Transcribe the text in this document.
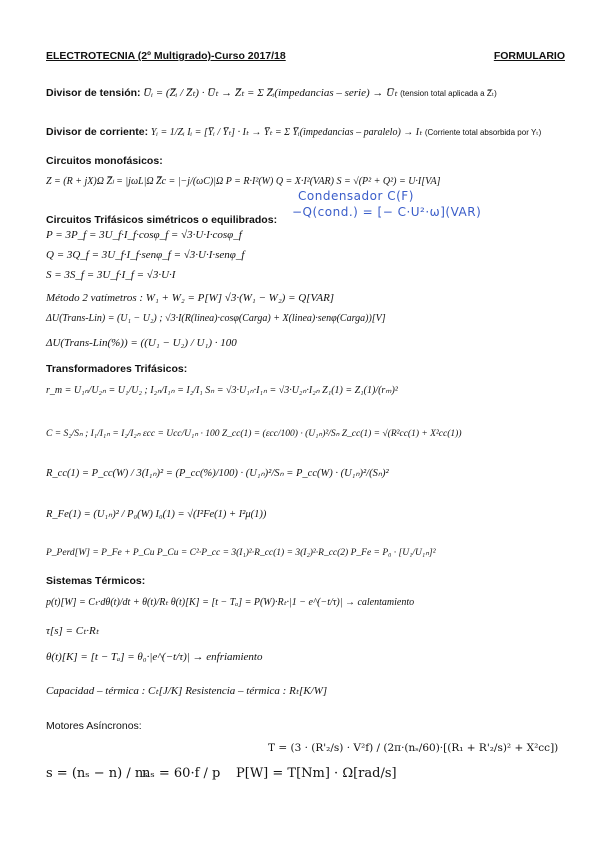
ELECTROTECNIA (2º Multigrado)-Curso 2017/18	FORMULARIO
Divisor de tensión: U̅ᵢ = (Z̅ᵢ / Z̅ₜ) · U̅ₜ → Z̅ₜ = Σ Z̅ᵢ(impedancias – serie) → U̅ₜ (tension total aplicada a Z̅ₜ)
Divisor de corriente: Yᵢ = 1/Zᵢ Iᵢ = [Y̅ᵢ / Y̅ₜ] · Iₜ → Y̅ₜ = Σ Y̅ᵢ(impedancias – paralelo) → Iₜ (Corriente total absorbida por Yₜ)
Circuitos monofásicos:
Z = (R + jX)Ω Z̅ₗ = |jωL|Ω Z̅c = |−j/(ωC)|Ω P = R·I²(W) Q = X·I²(VAR) S = √(P² + Q²) = U·I[VA]
Condensador C(F)
−Q(cond.) = [− C·U²·ω](VAR)
Circuitos Trifásicos simétricos o equilibrados:
P = 3P_f = 3U_f·I_f·cosφ_f = √3·U·I·cosφ_f
Q = 3Q_f = 3U_f·I_f·senφ_f = √3·U·I·senφ_f
S = 3S_f = 3U_f·I_f = √3·U·I
Método 2 vatímetros : W₁ + W₂ = P[W] √3·(W₁ − W₂) = Q[VAR]
ΔU(Trans-Lin) = (U₁ − U₂) ; √3·I(R(linea)·cosφ(Carga) + X(linea)·senφ(Carga))[V]
ΔU(Trans-Lin(%)) = ((U₁ − U₂) / U₁) · 100
Transformadores Trifásicos:
r_m = U₁ₙ/U₂ₙ = U₁/U₂ ; I₂ₙ/I₁ₙ = I₂/I₁ Sₙ = √3·U₁ₙ·I₁ₙ = √3·U₂ₙ·I₂ₙ Z₁(1) = Z₁(1)/(rₘ)²
C = S₂/Sₙ ; I₁/I₁ₙ = I₂/I₂ₙ εcc = Ucc/U₁ₙ · 100 Z_cc(1) = (εcc/100) · (U₁ₙ)²/Sₙ Z_cc(1) = √(R²cc(1) + X²cc(1))
R_cc(1) = P_cc(W) / 3(I₁ₙ)² = (P_cc(%)/100) · (U₁ₙ)²/Sₙ = P_cc(W) · (U₁ₙ)²/(Sₙ)²
R_Fe(1) = (U₁ₙ)² / P₀(W) I₀(1) = √(I²Fe(1) + I²μ(1))
P_Perd[W] = P_Fe + P_Cu P_Cu = C²·P_cc = 3(I₁)²·R_cc(1) = 3(I₂)²·R_cc(2) P_Fe = P₀ · [U₁/U₁ₙ]²
Sistemas Térmicos:
p(t)[W] = Cₜ·dθ(t)/dt + θ(t)/Rₜ θ(t)[K] = [t − Tₐ] = P(W)·Rₜ·|1 − e^(−t/τ)| → calentamiento
τ[s] = Cₜ·Rₜ
θ(t)[K] = [t − Tₐ] = θ₀·|e^(−t/τ)| → enfriamiento
Capacidad – térmica : Cₜ[J/K] Resistencia – térmica : Rₜ[K/W]
Motores Asíncronos:
T = (3 · (R'₂/s) · V²f) / (2π·(nₛ/60)·[(R₁ + R'₂/s)² + X²cc])
s = (nₛ − n) / nₛ
nₛ = 60·f / p P[W] = T[Nm] · Ω[rad/s]
